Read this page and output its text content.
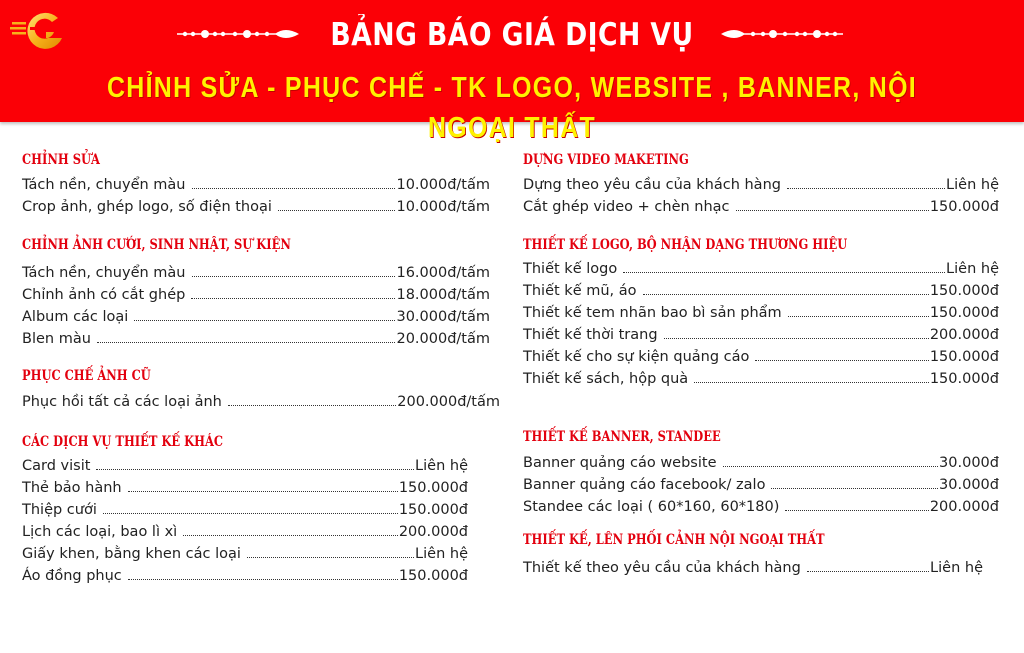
BẢNG BÁO GIÁ DỊCH VỤ
CHỈNH SỬA - PHỤC CHẾ - TK LOGO, WEBSITE , BANNER, NỘI NGOẠI THẤT
CHỈNH SỬA
Tách nền, chuyển màu	10.000đ/tấm
Crop ảnh, ghép logo, số điện thoại	10.000đ/tấm
CHỈNH ẢNH CƯỚI, SINH NHẬT, SỰ KIỆN
Tách nền, chuyển màu	16.000đ/tấm
Chỉnh ảnh có cắt ghép	18.000đ/tấm
Album các loại	30.000đ/tấm
Blen màu	20.000đ/tấm
PHỤC CHẾ ẢNH CŨ
Phục hồi tất cả các loại ảnh	200.000đ/tấm
CÁC DỊCH VỤ THIẾT KẾ KHÁC
Card visit	Liên hệ
Thẻ bảo hành	150.000đ
Thiệp cưới	150.000đ
Lịch các loại, bao lì xì	200.000đ
Giấy khen, bằng khen các loại	Liên hệ
Áo đồng phục	150.000đ
DỰNG VIDEO MAKETING
Dựng theo yêu cầu của khách hàng	Liên hệ
Cắt ghép video + chèn nhạc	150.000đ
THIẾT KẾ LOGO, BỘ NHẬN DẠNG THƯƠNG HIỆU
Thiết kế logo	Liên hệ
Thiết kế mũ, áo	150.000đ
Thiết kế tem nhãn bao bì sản phẩm	150.000đ
Thiết kế thời trang	200.000đ
Thiết kế cho sự kiện quảng cáo	150.000đ
Thiết kế sách, hộp quà	150.000đ
THIẾT KẾ BANNER, STANDEE
Banner quảng cáo website	30.000đ
Banner quảng cáo facebook/ zalo	30.000đ
Standee các loại ( 60*160, 60*180)	200.000đ
THIẾT KẾ, LÊN PHỐI CẢNH NỘI NGOẠI THẤT
Thiết kế theo yêu cầu của khách hàng	Liên hệ
